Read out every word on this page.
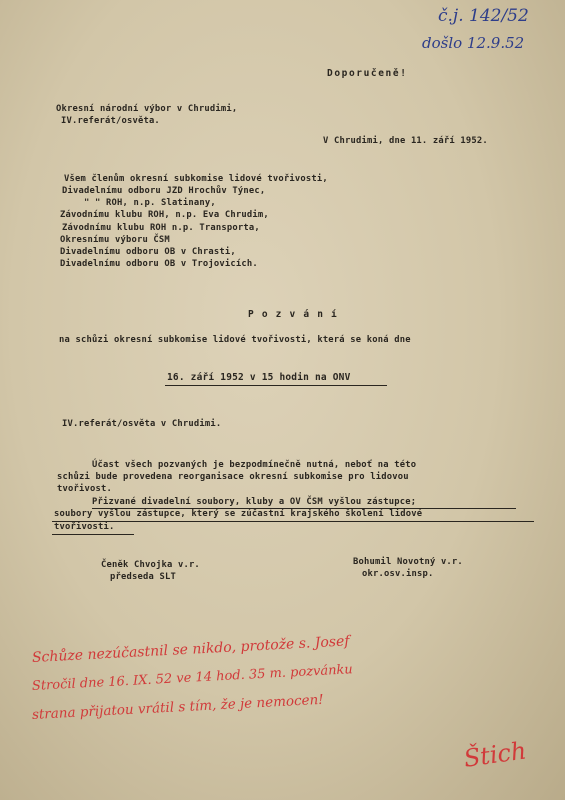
č.j. 142/52
došlo 12.9.52

Doporučeně!

Okresní národní výbor v Chrudimi,

IV.referát/osvěta.

V Chrudimi, dne 11. září 1952.

Všem členům okresní subkomise lidové tvořivosti,

Divadelnímu odboru JZD Hrochův Týnec,

" " ROH, n.p. Slatinany,

Závodnímu klubu ROH, n.p. Eva Chrudim,

Závodnímu klubu ROH n.p. Transporta,

Okresnímu výboru ČSM

Divadelnímu odboru OB v Chrasti,

Divadelnímu odboru OB v Trojovicích.

P o z v á n í

na schůzi okresní subkomise lidové tvořivosti, která se koná dne

16. září 1952 v 15 hodin na ONV

IV.referát/osvěta v Chrudimi.

Účast všech pozvaných je bezpodmínečně nutná, neboť na této

schůzi bude provedena reorganisace okresní subkomise pro lidovou

tvořivost.

Přizvané divadelní soubory, kluby a OV ČSM vyšlou zástupce;

soubory vyšlou zástupce, který se zúčastní krajského školení lidové

tvořivosti.

Čeněk Chvojka v.r.

předseda SLT

Bohumil Novotný v.r.

okr.osv.insp.

Schůze nezúčastnil se nikdo, protože s. Josef
Stročil dne 16. IX. 52 ve 14 hod. 35 m. pozvánku
strana přijatou vrátil s tím, že je nemocen!
Štich
